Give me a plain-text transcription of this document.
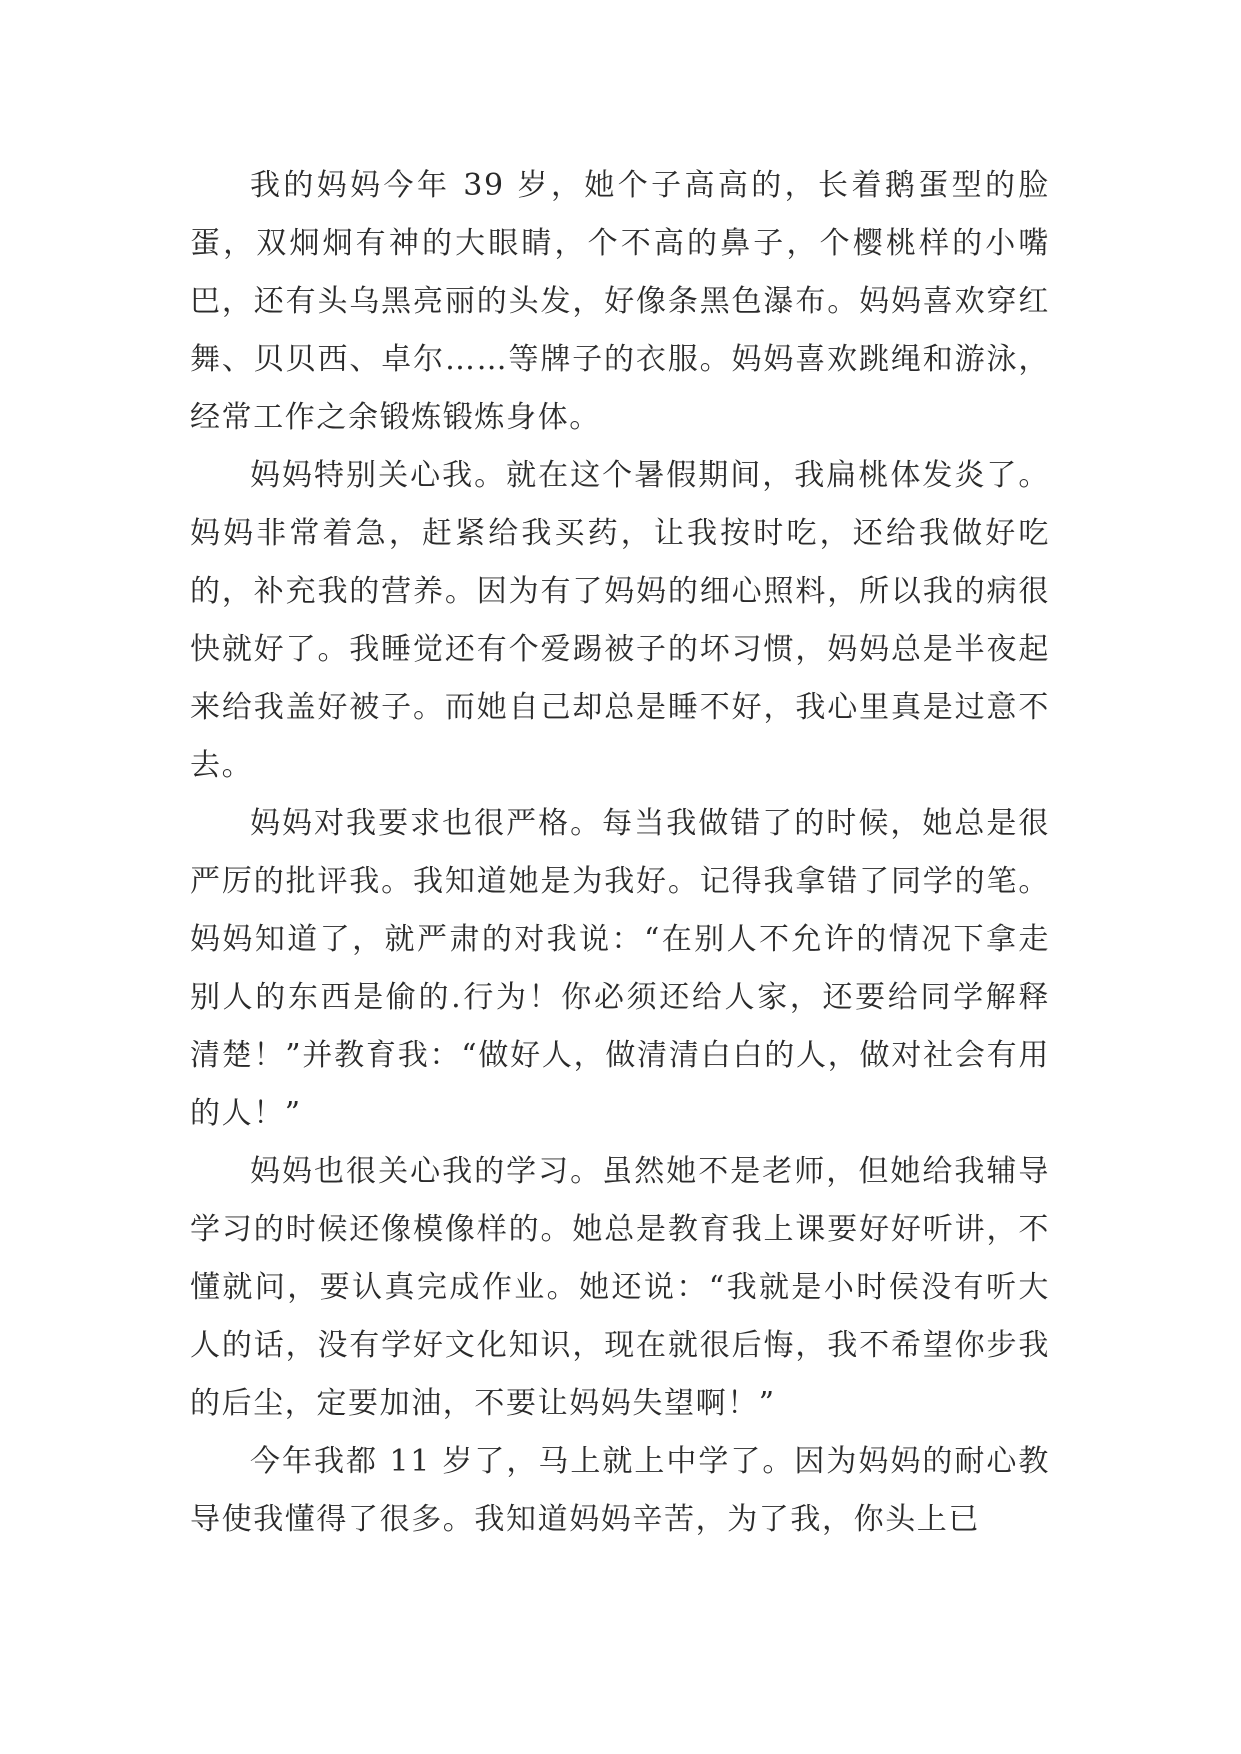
我的妈妈今年 39 岁，她个子高高的，长着鹅蛋型的脸蛋，双炯炯有神的大眼睛，个不高的鼻子，个樱桃样的小嘴巴，还有头乌黑亮丽的头发，好像条黑色瀑布。妈妈喜欢穿红舞、贝贝西、卓尔……等牌子的衣服。妈妈喜欢跳绳和游泳，经常工作之余锻炼锻炼身体。

妈妈特别关心我。就在这个暑假期间，我扁桃体发炎了。妈妈非常着急，赶紧给我买药，让我按时吃，还给我做好吃的，补充我的营养。因为有了妈妈的细心照料，所以我的病很快就好了。我睡觉还有个爱踢被子的坏习惯，妈妈总是半夜起来给我盖好被子。而她自己却总是睡不好，我心里真是过意不去。

妈妈对我要求也很严格。每当我做错了的时候，她总是很严厉的批评我。我知道她是为我好。记得我拿错了同学的笔。妈妈知道了，就严肃的对我说：“在别人不允许的情况下拿走别人的东西是偷的.行为！你必须还给人家，还要给同学解释清楚！”并教育我：“做好人，做清清白白的人，做对社会有用的人！”

妈妈也很关心我的学习。虽然她不是老师，但她给我辅导学习的时候还像模像样的。她总是教育我上课要好好听讲，不懂就问，要认真完成作业。她还说：“我就是小时侯没有听大人的话，没有学好文化知识，现在就很后悔，我不希望你步我的后尘，定要加油，不要让妈妈失望啊！”

今年我都 11 岁了，马上就上中学了。因为妈妈的耐心教导使我懂得了很多。我知道妈妈辛苦，为了我，你头上已
